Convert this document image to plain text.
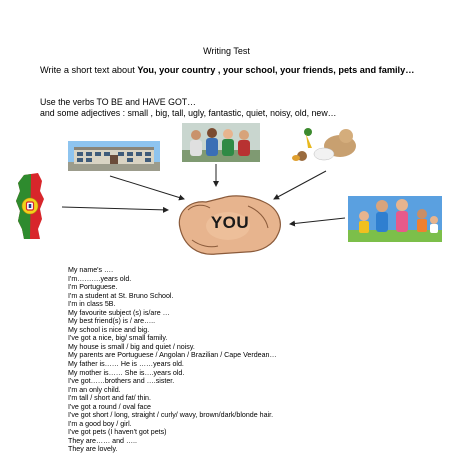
Writing Test
Write a short text about You, your country , your school, your friends, pets and family…
Use the verbs TO BE and HAVE GOT…
and some adjectives : small , big, tall, ugly, fantastic, quiet, noisy, old, new…
YOU
My name's ….
I'm……….years old.
I'm Portuguese.
I'm a student at St. Bruno School.
I'm in class 5B.
My favourite subject (s) is/are …
My best friend(s) is / are…..
My school is nice and big.
I've got a nice, big/ small family.
My house is small / big and quiet / noisy.
My parents are Portuguese / Angolan / Brazilian / Cape Verdean…
My father is…… He is ……years old.
My mother is…… She is….years old.
I've got……brothers and ….sister.
I'm an only child.
I'm tall / short and fat/ thin.
I've got a round / oval face
I've got short / long, straight / curly/ wavy, brown/dark/blonde hair.
I'm a good boy / girl.
I've got pets (I haven't got pets)
They are…… and …..
They are lovely.
